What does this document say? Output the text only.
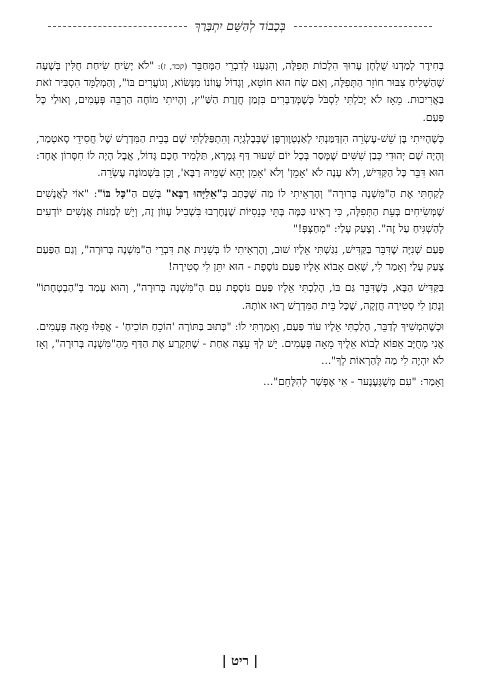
בְּכָבוֹד לְהַשֵּׁם יִתְבָּרַךְ

בְּחִידֶר לְמַדְנוּ שֻׁלְחָן עָרוּךְ הִלְכוֹת תְּפִלָּה, וְהִגַּעְנוּ לְדִבְרֵי הַמְּחַבֵּר (קכד, ז): "לֹא יָשִׂיחַ שִׂיחַת חֻלִּין בְּשָׁעָה שֶׁהַשְּׁלִיחַ צִבּוּר חוֹזֵר הַתְּפִלָּה, וְאִם שָׂח הוּא חוֹטֵא, וְגָדוֹל עֲווֹנוֹ מִנְּשׂוֹא, וְגוֹעֲרִים בּוֹ", וְהַמְלַמֵּד הִסְבִּיר זֹאת בַּאֲרִיכוּת. מֵאָז לֹא יָכֹלְתִּי לִסְבֹּל כְּשֶׁמְּדַבְּרִים בִּזְמַן חֲזָרַת הַשַּׁ"ץ, וְהָיִיתִי מוֹחֶה הַרְבֵּה פְּעָמִים, וְאוּלַי כָּל פַּעַם.

כְּשֶׁהָיִיתִי בֶּן שֵׁשׁ-עֶשְׂרֵה הִזְדַּמַּנְתִּי לְאַנְטְוֶורְפֶּן שֶׁבְּבֶלְגְיָה וְהִתְפַּלַּלְתִּי שָׁם בְּבֵית הַמִּדְרָשׁ שֶׁל חֲסִידֵי סָאטְמַר, וְהָיָה שָׁם יְהוּדִי כְּבַן שִׁשִּׁים שֶׁמָּסַר בְּכָל יוֹם שִׁעוּר דַּף גְּמָרָא, תַּלְמִיד חָכָם גָּדוֹל, אֲבָל הָיָה לוֹ חִסָּרוֹן אֶחָד: הוּא דִּבֵּר כָּל הַקַּדִּישׁ, וְלֹא עָנָה לֹא 'אָמֵן' וְלֹא 'אָמֵן יְהֵא שְׁמֵיהּ רַבָּא', וְכֵן בִּשְׁמוֹנֶה עֶשְׂרֵה.

לָקַחְתִּי אֶת הַ"מִּשְׁנָה בְּרוּרָה" וְהֶרְאֵיתִי לוֹ מַה שֶּׁכָּתַב בְּ"אֵלִיָּהוּ רַבָּא" בְּשֵׁם הַ"כָּל בּוֹ": "אוֹי לָאֲנָשִׁים שֶׁמְּשִׂיחִים בְּעֵת הַתְּפִלָּה, כִּי רָאִינוּ כַּמָּה בָּתֵּי כְּנֵסִיּוֹת שֶׁנֶּחֶרְבוּ בִּשְׁבִיל עָווֹן זֶה, וְיֵשׁ לְמַנּוֹת אֲנָשִׁים יוֹדְעִים לְהַשְׁגִּיחַ עַל זֶה". וְצָעַק עָלַי: "מְחַצְּפְּ!"

פַּעַם שְׁנִיָּה שֶׁדִּבֵּר בַּקַּדִּישׁ, נִגַּשְׁתִּי אֵלָיו שׁוּב, וְהֶרְאֵיתִי לוֹ בְּשֵׁנִית אֶת דִּבְרֵי הַ"מִּשְׁנָה בְּרוּרָה", וְגַם הַפַּעַם צָעַק עָלַי וְאָמַר לִי, שֶׁאִם אָבוֹא אֵלָיו פַּעַם נוֹסֶפֶת - הוּא יִתֵּן לִי סְטִירָה!

בַּקַּדִּישׁ הַבָּא, כְּשֶׁדִּבֵּר גַּם בּוֹ, הָלַכְתִּי אֵלָיו פַּעַם נוֹסֶפֶת עִם הַ"מִּשְׁנָה בְּרוּרָה", וְהוּא עָמַד בְּ"הַבְטָחָתוֹ" וְנָתַן לִי סְטִירָה חֲזָקָה, שֶׁכָּל בֵּית הַמִּדְרָשׁ רָאוּ אוֹתָהּ.

וּכְשֶׁהִמְשִׁיךְ לְדַבֵּר, הָלַכְתִּי אֵלָיו עוֹד פַּעַם, וְאָמַרְתִּי לוֹ: "כָּתוּב בַּתּוֹרָה 'הוֹכֵחַ תּוֹכִיחַ' - אֲפִלּוּ מֵאָה פְּעָמִים. אֲנִי מְחֻיָּב אֵפוֹא לָבוֹא אֵלֶיךָ מֵאָה פְּעָמִים. יֵשׁ לְךָ עֵצָה אַחַת - שֶׁתִּקְרַע אֶת הַדַּף מֵהַ"מִּשְׁנָה בְּרוּרָה", וְאָז לֹא יִהְיֶה לִי מַה לְּהַרְאוֹת לְךָ"...

וְאָמַר: "עִם מְשֻׁגְּעֶנֶער - אִי אֶפְשָׁר לְהִלָּחֵם"...

| ריט |
